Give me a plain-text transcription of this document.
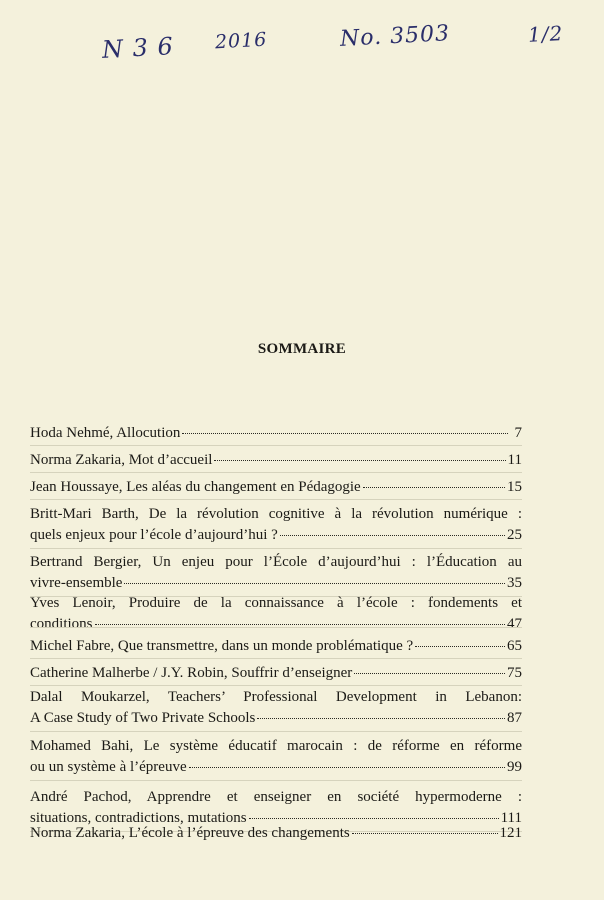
N 3 6 2016	No. 3503	1/2
SOMMAIRE
Hoda Nehmé, Allocution	7
Norma Zakaria, Mot d’accueil	11
Jean Houssaye, Les aléas du changement en Pédagogie	15
Britt-Mari Barth, De la révolution cognitive à la révolution numérique :
quels enjeux pour l’école d’aujourd’hui ?	25
Bertrand Bergier, Un enjeu pour l’École d’aujourd’hui : l’Éducation au
vivre-ensemble	35
Yves Lenoir, Produire de la connaissance à l’école : fondements et
conditions	47
Michel Fabre, Que transmettre, dans un monde problématique ?	65
Catherine Malherbe / J.Y. Robin, Souffrir d’enseigner	75
Dalal Moukarzel, Teachers’ Professional Development in Lebanon:
A Case Study of Two Private Schools	87
Mohamed Bahi, Le système éducatif marocain : de réforme en réforme
ou un système à l’épreuve	99
André Pachod, Apprendre et enseigner en société hypermoderne :
situations, contradictions, mutations	111
Norma Zakaria, L’école à l’épreuve des changements	121
